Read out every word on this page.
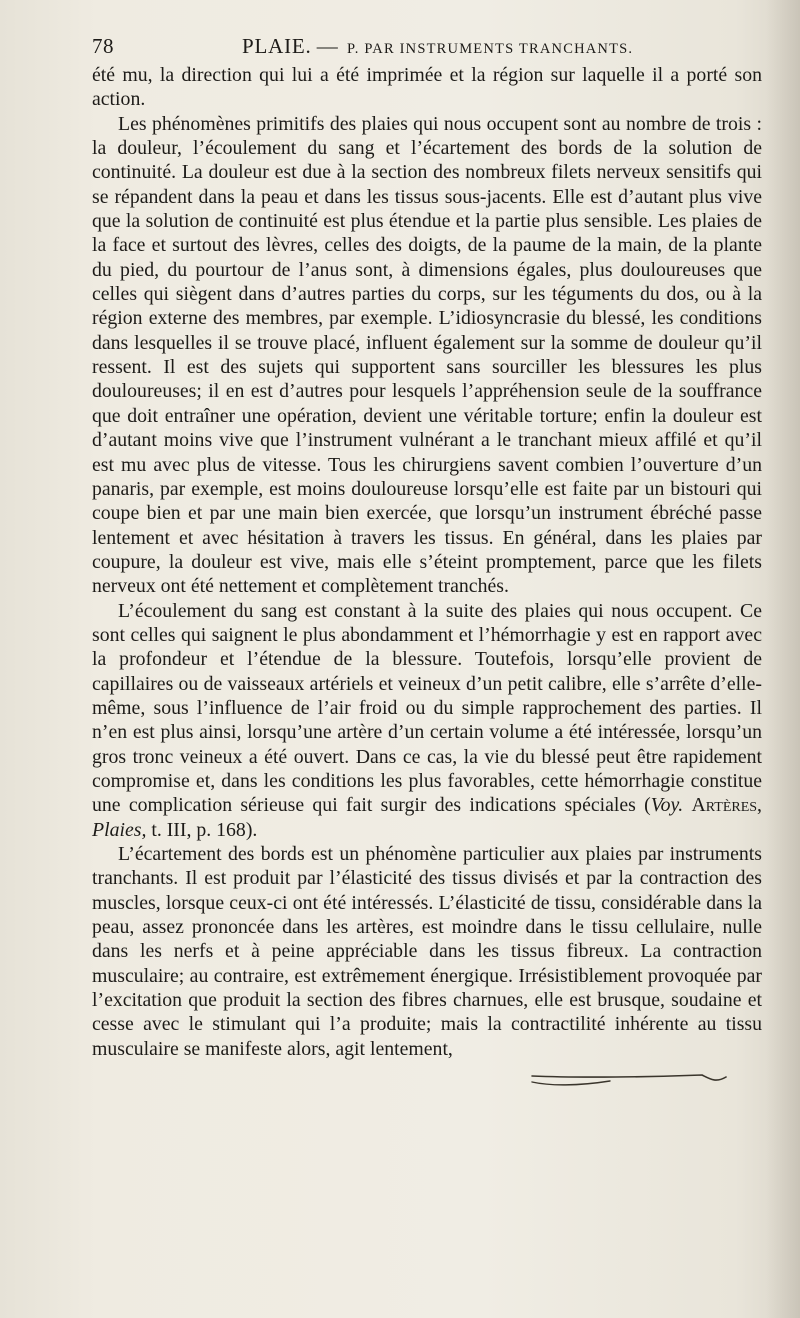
78	PLAIE. — P. PAR INSTRUMENTS TRANCHANTS.

été mu, la direction qui lui a été imprimée et la région sur laquelle il a porté son action.

Les phénomènes primitifs des plaies qui nous occupent sont au nombre de trois : la douleur, l’écoulement du sang et l’écartement des bords de la solution de continuité. La douleur est due à la section des nombreux filets nerveux sensitifs qui se répandent dans la peau et dans les tissus sous-jacents. Elle est d’autant plus vive que la solution de continuité est plus étendue et la partie plus sensible. Les plaies de la face et surtout des lèvres, celles des doigts, de la paume de la main, de la plante du pied, du pourtour de l’anus sont, à dimensions égales, plus douloureuses que celles qui siègent dans d’autres parties du corps, sur les téguments du dos, ou à la région externe des membres, par exemple. L’idiosyncrasie du blessé, les conditions dans lesquelles il se trouve placé, influent également sur la somme de douleur qu’il ressent. Il est des sujets qui supportent sans sourciller les blessures les plus douloureuses; il en est d’autres pour lesquels l’appréhension seule de la souffrance que doit entraîner une opération, devient une véritable torture; enfin la douleur est d’autant moins vive que l’instrument vulnérant a le tranchant mieux affilé et qu’il est mu avec plus de vitesse. Tous les chirurgiens savent combien l’ouverture d’un panaris, par exemple, est moins douloureuse lorsqu’elle est faite par un bistouri qui coupe bien et par une main bien exercée, que lorsqu’un instrument ébréché passe lentement et avec hésitation à travers les tissus. En général, dans les plaies par coupure, la douleur est vive, mais elle s’éteint promptement, parce que les filets nerveux ont été nettement et complètement tranchés.

L’écoulement du sang est constant à la suite des plaies qui nous occupent. Ce sont celles qui saignent le plus abondamment et l’hémorrhagie y est en rapport avec la profondeur et l’étendue de la blessure. Toutefois, lorsqu’elle provient de capillaires ou de vaisseaux artériels et veineux d’un petit calibre, elle s’arrête d’elle-même, sous l’influence de l’air froid ou du simple rapprochement des parties. Il n’en est plus ainsi, lorsqu’une artère d’un certain volume a été intéressée, lorsqu’un gros tronc veineux a été ouvert. Dans ce cas, la vie du blessé peut être rapidement compromise et, dans les conditions les plus favorables, cette hémorrhagie constitue une complication sérieuse qui fait surgir des indications spéciales (Voy. Artères, Plaies, t. III, p. 168).

L’écartement des bords est un phénomène particulier aux plaies par instruments tranchants. Il est produit par l’élasticité des tissus divisés et par la contraction des muscles, lorsque ceux-ci ont été intéressés. L’élasticité de tissu, considérable dans la peau, assez prononcée dans les artères, est moindre dans le tissu cellulaire, nulle dans les nerfs et à peine appréciable dans les tissus fibreux. La contraction musculaire; au contraire, est extrêmement énergique. Irrésistiblement provoquée par l’excitation que produit la section des fibres charnues, elle est brusque, soudaine et cesse avec le stimulant qui l’a produite; mais la contractilité inhérente au tissu musculaire se manifeste alors, agit lentement,
